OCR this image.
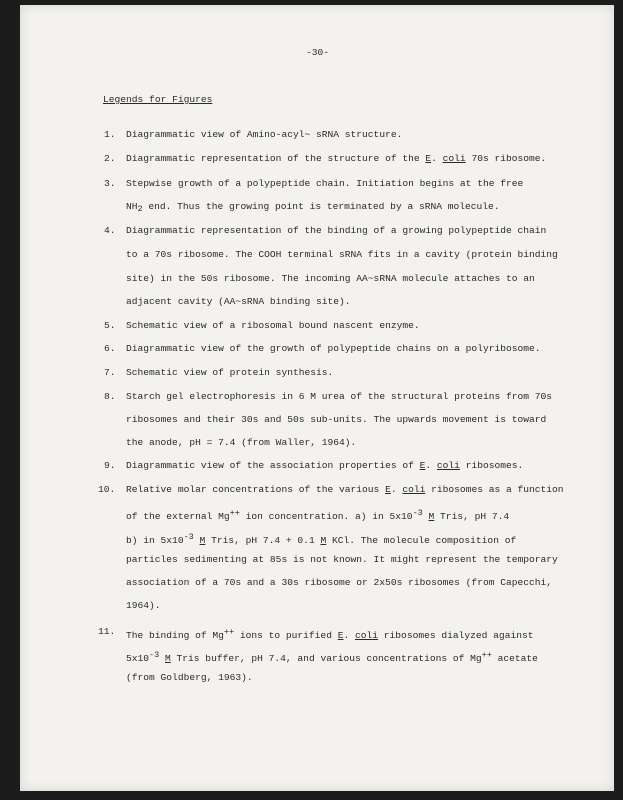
-30-
Legends for Figures
1. Diagrammatic view of Amino-acyl~ sRNA structure.
2. Diagrammatic representation of the structure of the E. coli 70s ribosome.
3. Stepwise growth of a polypeptide chain. Initiation begins at the free
NH2 end. Thus the growing point is terminated by a sRNA molecule.
4. Diagrammatic representation of the binding of a growing polypeptide chain
to a 70s ribosome. The COOH terminal sRNA fits in a cavity (protein binding
site) in the 50s ribosome. The incoming AA~sRNA molecule attaches to an
adjacent cavity (AA~sRNA binding site).
5. Schematic view of a ribosomal bound nascent enzyme.
6. Diagrammatic view of the growth of polypeptide chains on a polyribosome.
7. Schematic view of protein synthesis.
8. Starch gel electrophoresis in 6 M urea of the structural proteins from 70s
ribosomes and their 30s and 50s sub-units. The upwards movement is toward
the anode, pH = 7.4 (from Waller, 1964).
9. Diagrammatic view of the association properties of E. coli ribosomes.
10. Relative molar concentrations of the various E. coli ribosomes as a function
of the external Mg++ ion concentration. a) in 5x10-3 M Tris, pH 7.4
b) in 5x10-3 M Tris, pH 7.4 + 0.1 M KCl. The molecule composition of
particles sedimenting at 85s is not known. It might represent the temporary
association of a 70s and a 30s ribosome or 2x50s ribosomes (from Capecchi,
1964).
11. The binding of Mg++ ions to purified E. coli ribosomes dialyzed against
5x10-3 M Tris buffer, pH 7.4, and various concentrations of Mg++ acetate
(from Goldberg, 1963).
